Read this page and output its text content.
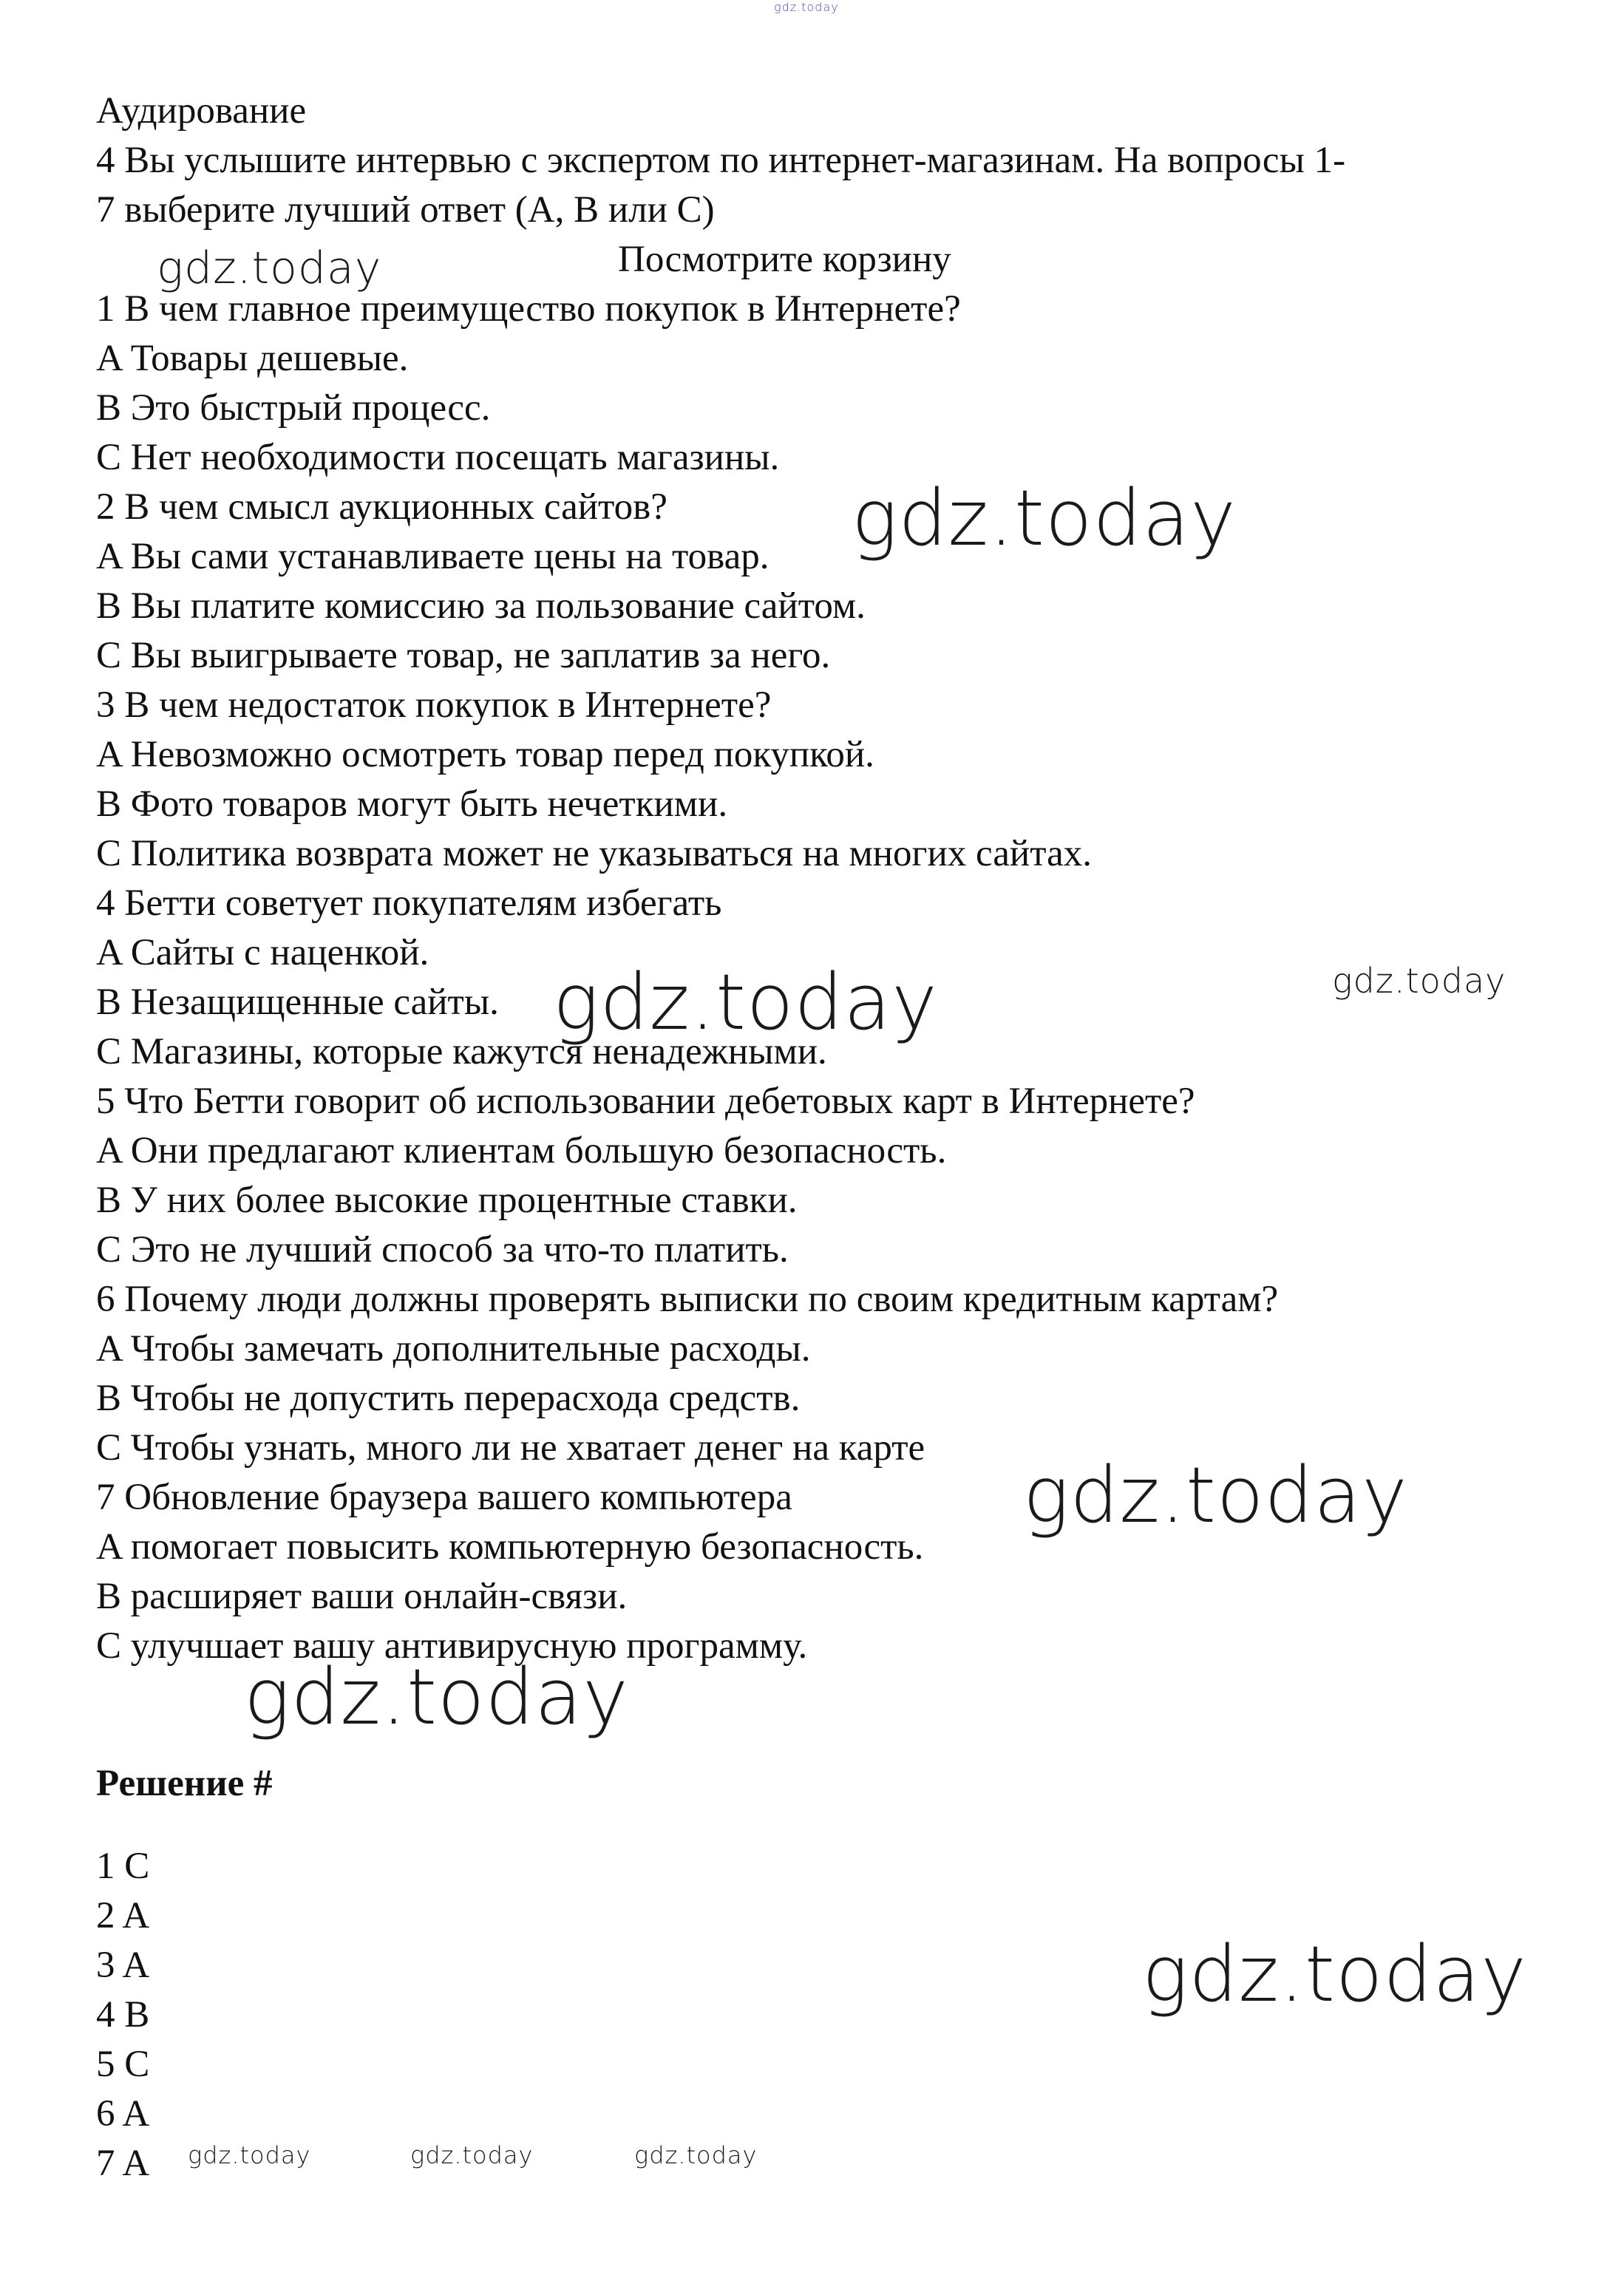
gdz.today
Аудирование
4 Вы услышите интервью с экспертом по интернет-магазинам. На вопросы 1-
7 выберите лучший ответ (A, B или C)
Посмотрите корзину
1 В чем главное преимущество покупок в Интернете?
A Товары дешевые.
B Это быстрый процесс.
C Нет необходимости посещать магазины.
2 В чем смысл аукционных сайтов?
A Вы сами устанавливаете цены на товар.
B Вы платите комиссию за пользование сайтом.
C Вы выигрываете товар, не заплатив за него.
3 В чем недостаток покупок в Интернете?
A Невозможно осмотреть товар перед покупкой.
B Фото товаров могут быть нечеткими.
C Политика возврата может не указываться на многих сайтах.
4 Бетти советует покупателям избегать
A Сайты с наценкой.
B Незащищенные сайты.
C Магазины, которые кажутся ненадежными.
5 Что Бетти говорит об использовании дебетовых карт в Интернете?
A Они предлагают клиентам большую безопасность.
B У них более высокие процентные ставки.
C Это не лучший способ за что-то платить.
6 Почему люди должны проверять выписки по своим кредитным картам?
A Чтобы замечать дополнительные расходы.
B Чтобы не допустить перерасхода средств.
C Чтобы узнать, много ли не хватает денег на карте
7 Обновление браузера вашего компьютера
A помогает повысить компьютерную безопасность.
B расширяет ваши онлайн-связи.
C улучшает вашу антивирусную программу.
Решение #
1 C
2 A
3 A
4 B
5 C
6 A
7 A
gdz.today
gdz.today
gdz.today	gdz.today
gdz.today
gdz.today
gdz.today
gdz.today	gdz.today	gdz.today
